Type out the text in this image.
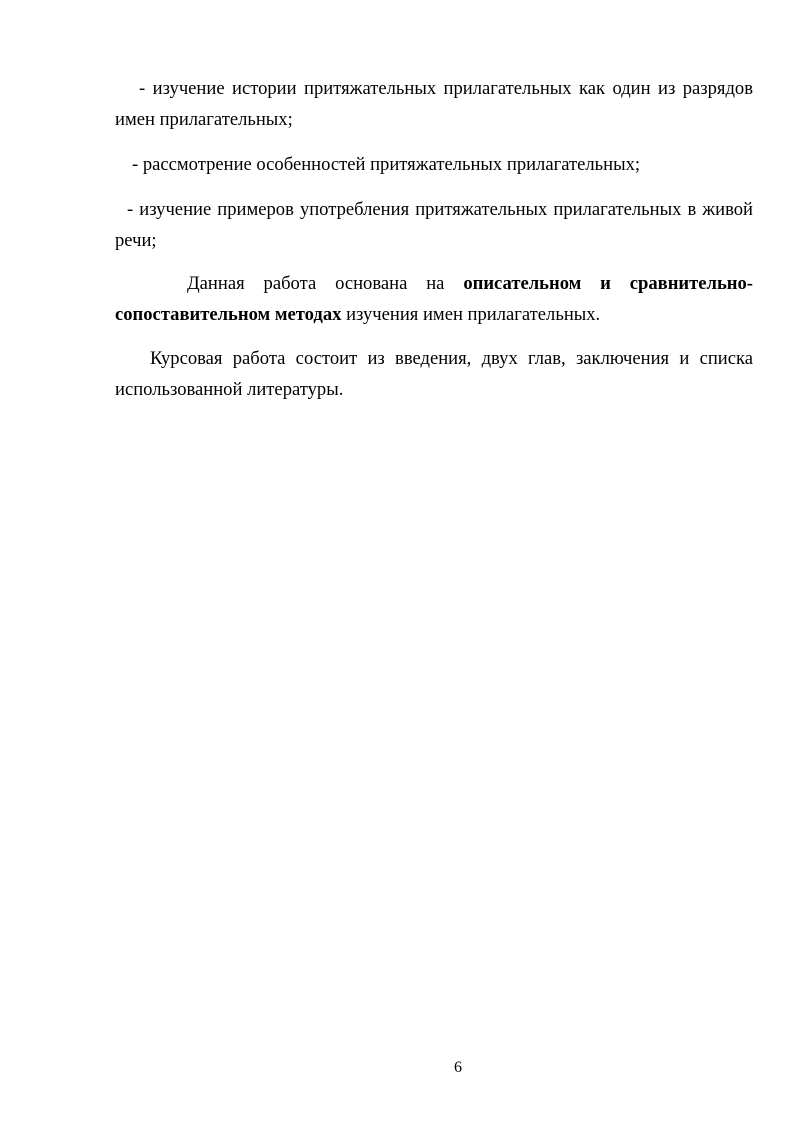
- изучение истории притяжательных прилагательных как один из разрядов имен прилагательных;

- рассмотрение особенностей притяжательных прилагательных;

- изучение примеров употребления притяжательных прилагательных в живой речи;

Данная работа основана на описательном и сравнительно-сопоставительном методах изучения имен прилагательных.

Курсовая работа состоит из введения, двух глав, заключения и списка использованной литературы.

6
